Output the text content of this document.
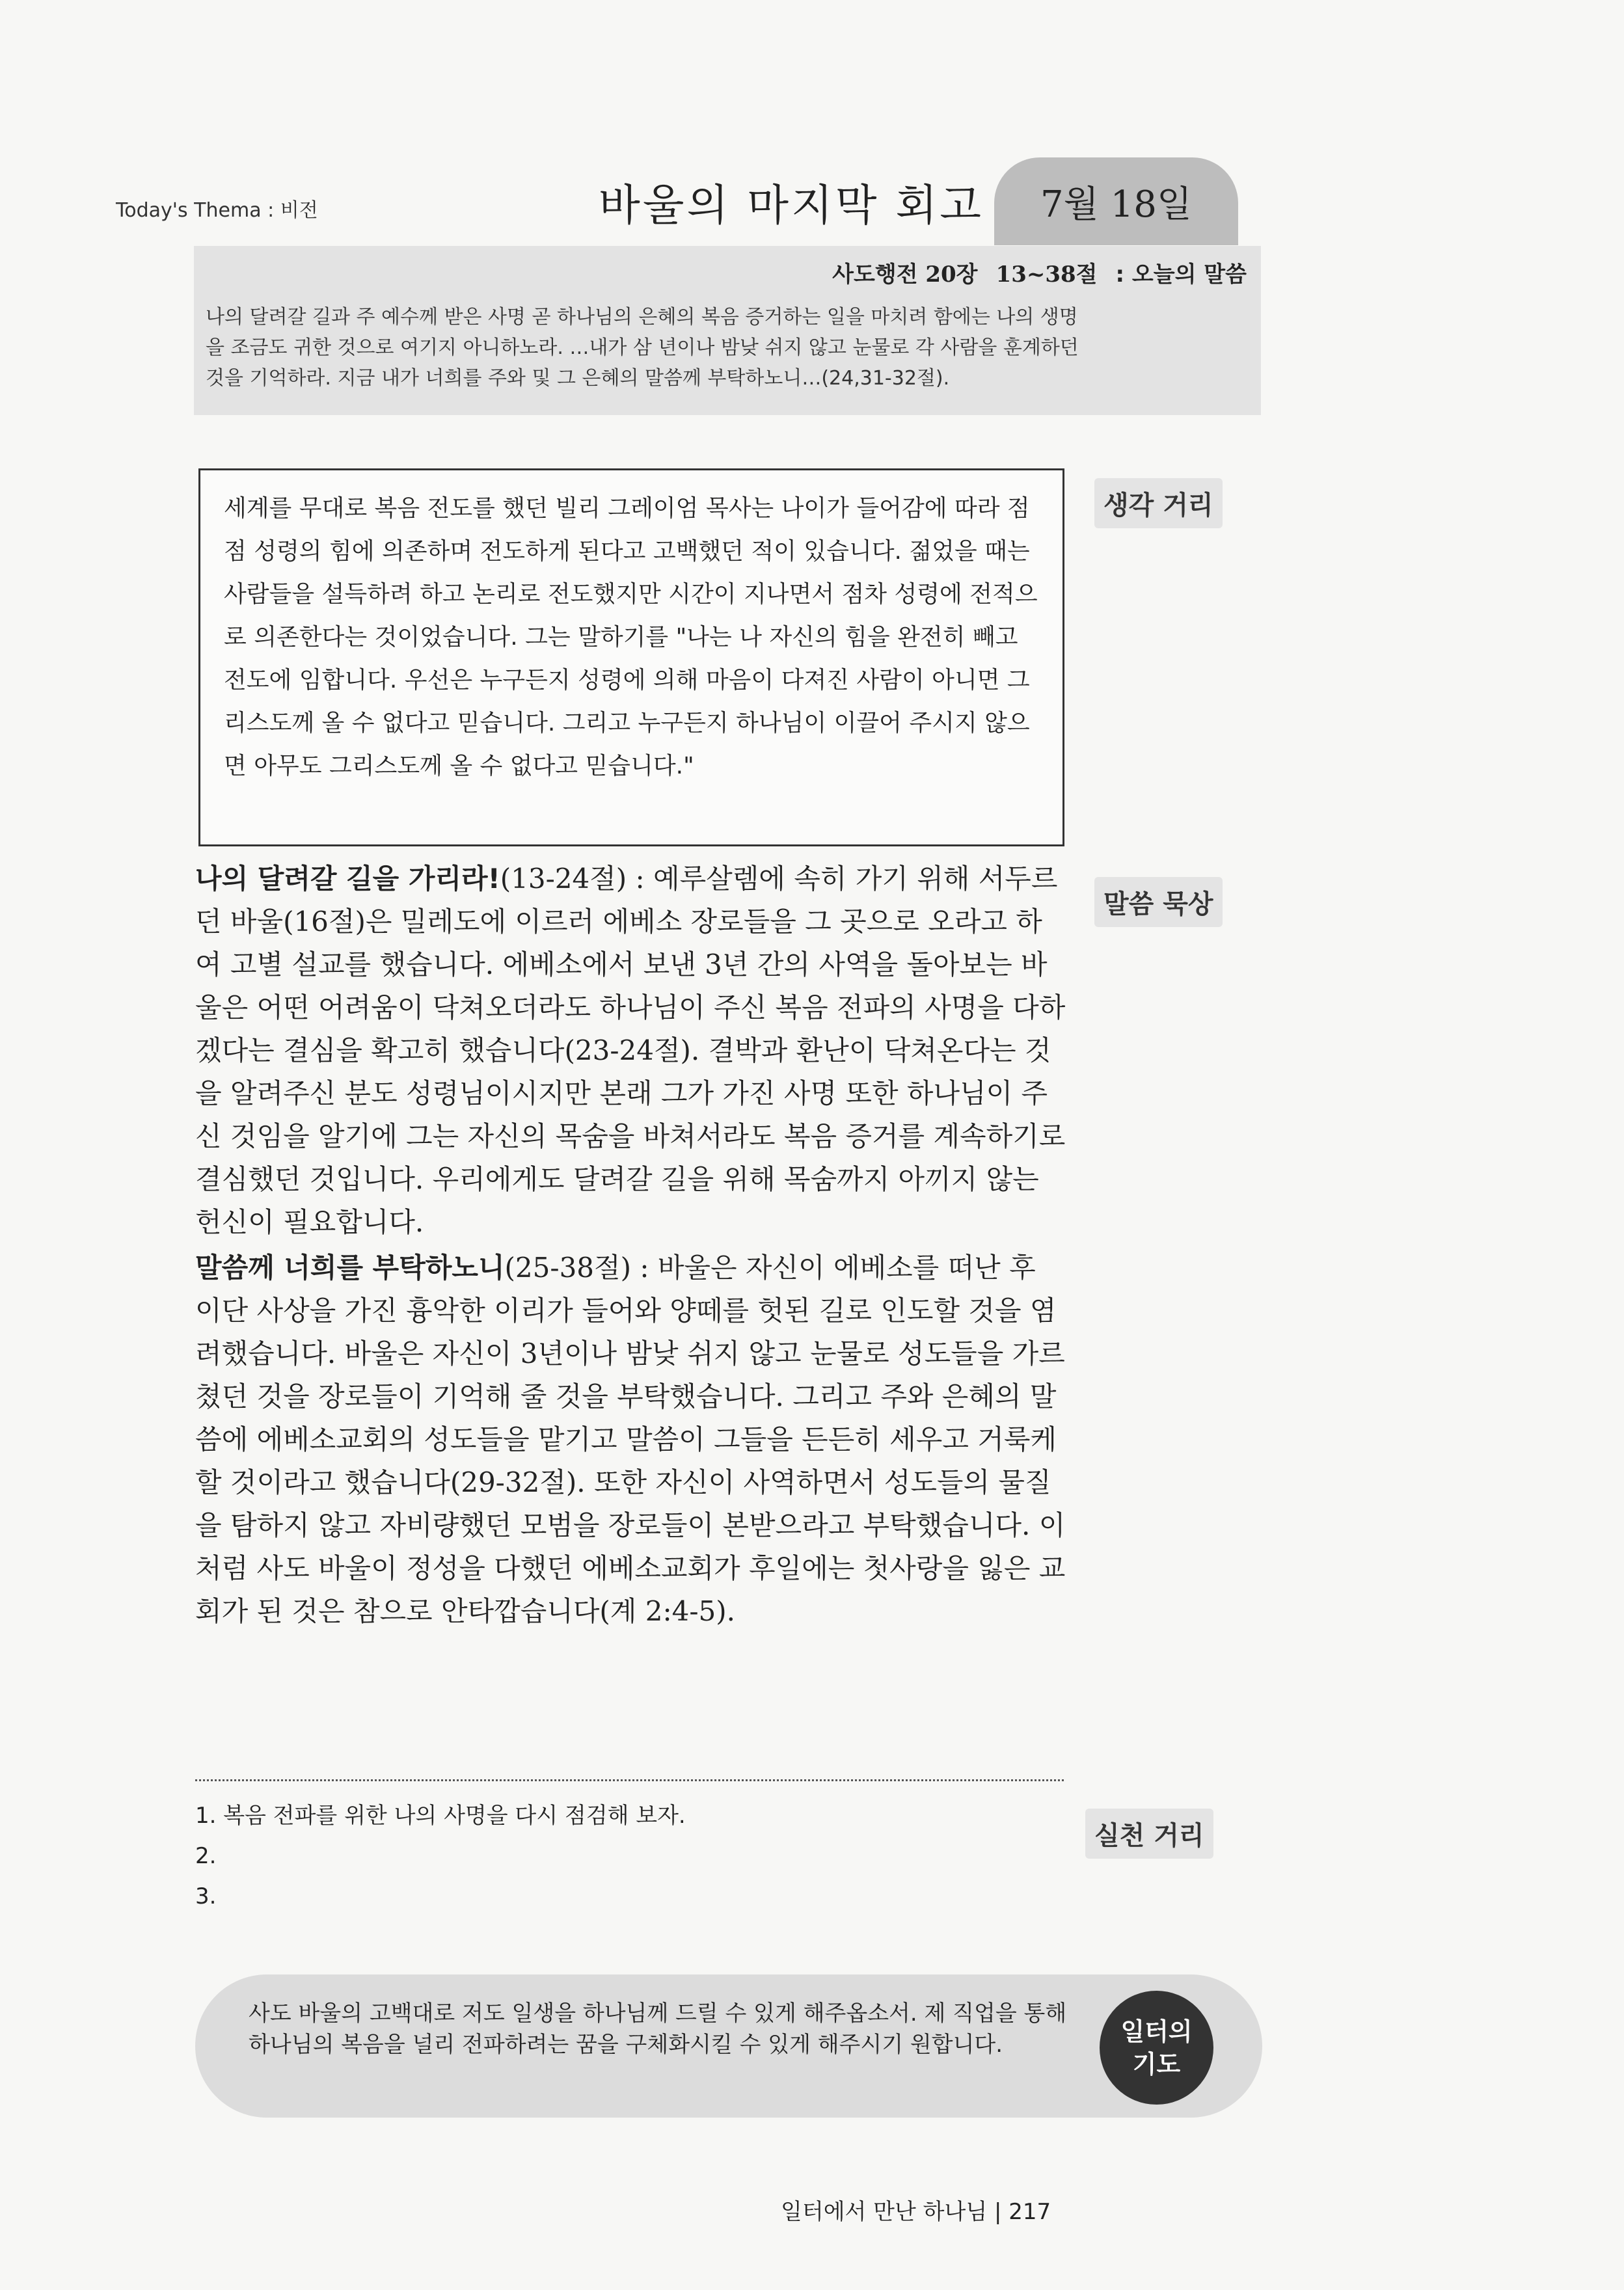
Today's Thema : 비전	바울의 마지막 회고	7월 18일
사도행전 20장 13~38절 : 오늘의 말씀
나의 달려갈 길과 주 예수께 받은 사명 곧 하나님의 은혜의 복음 증거하는 일을 마치려 함에는 나의 생명을 조금도 귀한 것으로 여기지 아니하노라. …내가 삼 년이나 밤낮 쉬지 않고 눈물로 각 사람을 훈계하던 것을 기억하라. 지금 내가 너희를 주와 및 그 은혜의 말씀께 부탁하노니…(24,31-32절).
생각 거리
세계를 무대로 복음 전도를 했던 빌리 그레이엄 목사는 나이가 들어감에 따라 점점 성령의 힘에 의존하며 전도하게 된다고 고백했던 적이 있습니다. 젊었을 때는 사람들을 설득하려 하고 논리로 전도했지만 시간이 지나면서 점차 성령에 전적으로 의존한다는 것이었습니다. 그는 말하기를 "나는 나 자신의 힘을 완전히 빼고 전도에 임합니다. 우선은 누구든지 성령에 의해 마음이 다져진 사람이 아니면 그리스도께 올 수 없다고 믿습니다. 그리고 누구든지 하나님이 이끌어 주시지 않으면 아무도 그리스도께 올 수 없다고 믿습니다."
말씀 묵상

나의 달려갈 길을 가리라!(13-24절) : 예루살렘에 속히 가기 위해 서두르던 바울(16절)은 밀레도에 이르러 에베소 장로들을 그 곳으로 오라고 하여 고별 설교를 했습니다. 에베소에서 보낸 3년 간의 사역을 돌아보는 바울은 어떤 어려움이 닥쳐오더라도 하나님이 주신 복음 전파의 사명을 다하겠다는 결심을 확고히 했습니다(23-24절). 결박과 환난이 닥쳐온다는 것을 알려주신 분도 성령님이시지만 본래 그가 가진 사명 또한 하나님이 주신 것임을 알기에 그는 자신의 목숨을 바쳐서라도 복음 증거를 계속하기로 결심했던 것입니다. 우리에게도 달려갈 길을 위해 목숨까지 아끼지 않는 헌신이 필요합니다.

말씀께 너희를 부탁하노니(25-38절) : 바울은 자신이 에베소를 떠난 후 이단 사상을 가진 흉악한 이리가 들어와 양떼를 헛된 길로 인도할 것을 염려했습니다. 바울은 자신이 3년이나 밤낮 쉬지 않고 눈물로 성도들을 가르쳤던 것을 장로들이 기억해 줄 것을 부탁했습니다. 그리고 주와 은혜의 말씀에 에베소교회의 성도들을 맡기고 말씀이 그들을 든든히 세우고 거룩케 할 것이라고 했습니다(29-32절). 또한 자신이 사역하면서 성도들의 물질을 탐하지 않고 자비량했던 모범을 장로들이 본받으라고 부탁했습니다. 이처럼 사도 바울이 정성을 다했던 에베소교회가 후일에는 첫사랑을 잃은 교회가 된 것은 참으로 안타깝습니다(계 2:4-5).

실천 거리
1. 복음 전파를 위한 나의 사명을 다시 점검해 보자.
2.
3.
사도 바울의 고백대로 저도 일생을 하나님께 드릴 수 있게 해주옵소서. 제 직업을 통해 하나님의 복음을 널리 전파하려는 꿈을 구체화시킬 수 있게 해주시기 원합니다.	일터의
기도
일터에서 만난 하나님 | 217
